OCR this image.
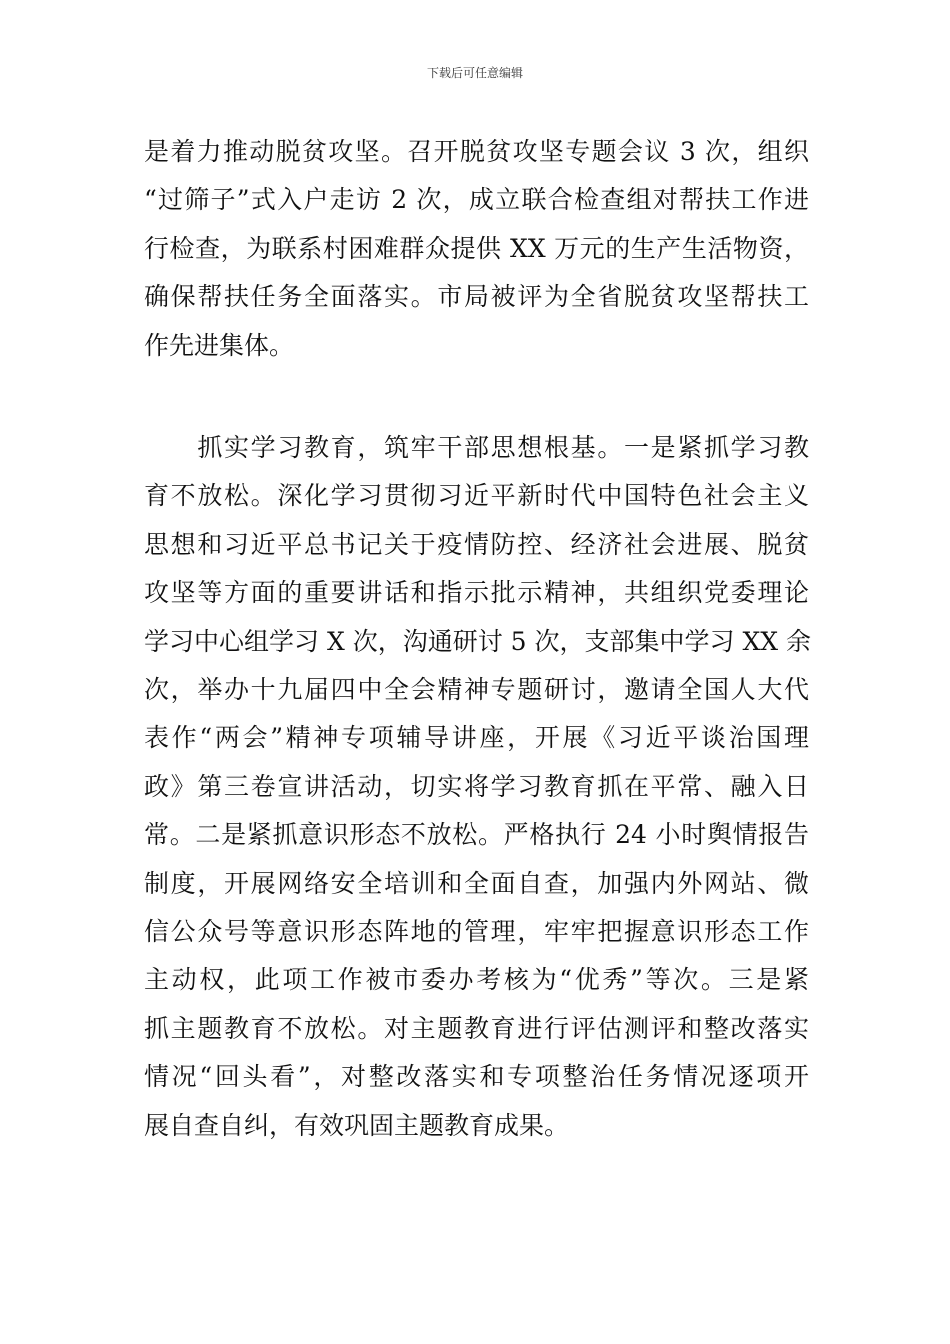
下载后可任意编辑
是着力推动脱贫攻坚。召开脱贫攻坚专题会议 3 次，组织
“过筛子”式入户走访 2 次，成立联合检查组对帮扶工作进
行检查，为联系村困难群众提供 XX 万元的生产生活物资，
确保帮扶任务全面落实。市局被评为全省脱贫攻坚帮扶工
作先进集体。
　　抓实学习教育，筑牢干部思想根基。一是紧抓学习教
育不放松。深化学习贯彻习近平新时代中国特色社会主义
思想和习近平总书记关于疫情防控、经济社会进展、脱贫
攻坚等方面的重要讲话和指示批示精神，共组织党委理论
学习中心组学习 X 次，沟通研讨 5 次，支部集中学习 XX 余
次，举办十九届四中全会精神专题研讨，邀请全国人大代
表作“两会”精神专项辅导讲座，开展《习近平谈治国理
政》第三卷宣讲活动，切实将学习教育抓在平常、融入日
常。二是紧抓意识形态不放松。严格执行 24 小时舆情报告
制度，开展网络安全培训和全面自查，加强内外网站、微
信公众号等意识形态阵地的管理，牢牢把握意识形态工作
主动权，此项工作被市委办考核为“优秀”等次。三是紧
抓主题教育不放松。对主题教育进行评估测评和整改落实
情况“回头看”，对整改落实和专项整治任务情况逐项开
展自查自纠，有效巩固主题教育成果。
